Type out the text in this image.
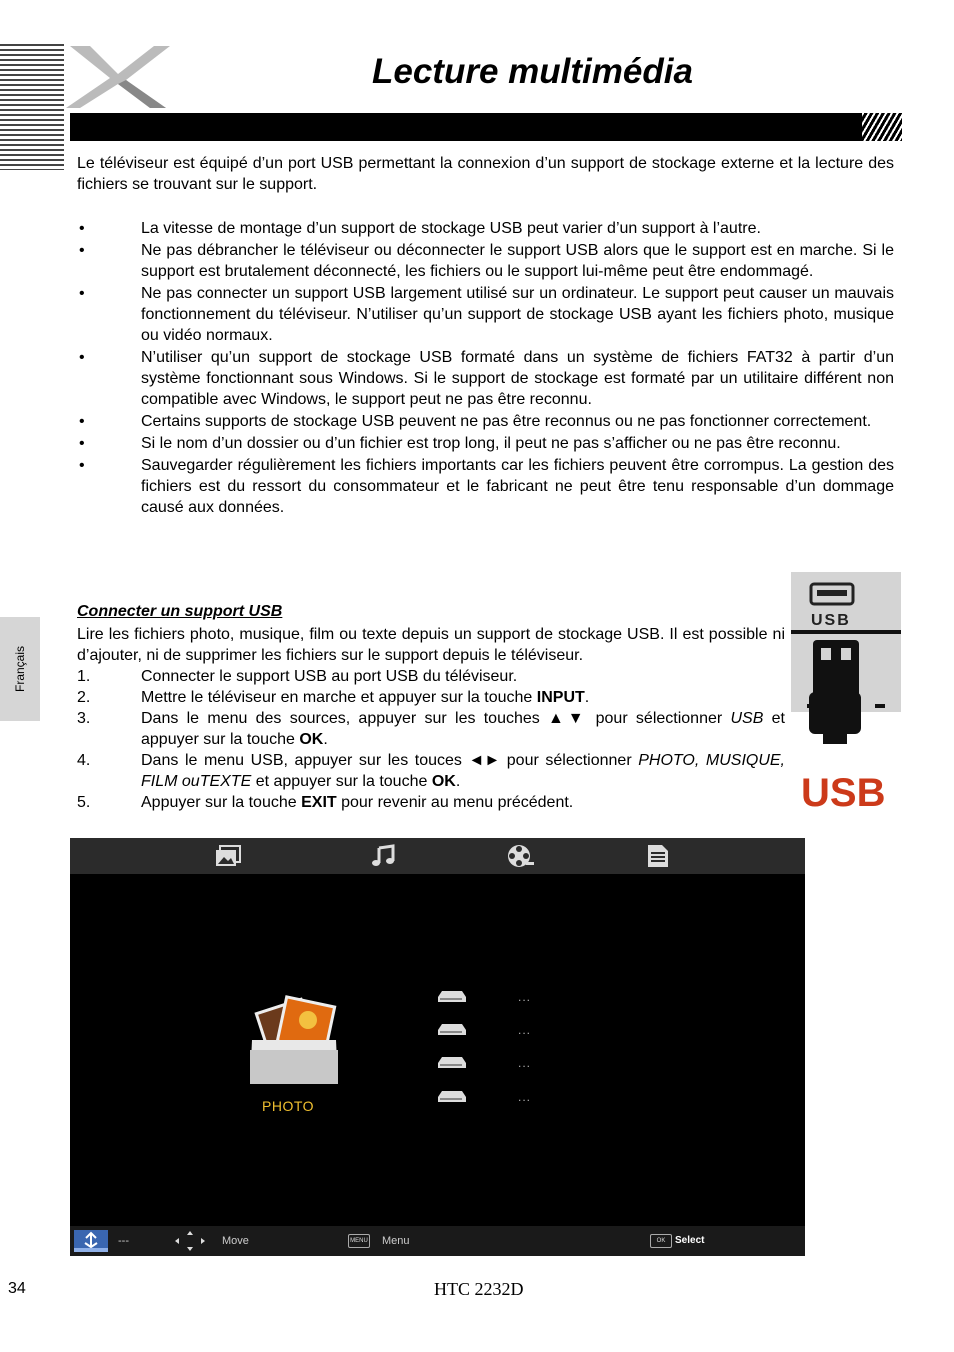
Lecture multimédia
Français

Le téléviseur est équipé d’un port USB permettant la connexion d’un support de stockage externe et la lecture des fichiers se trouvant sur le support.

• La vitesse de montage d’un support de stockage USB peut varier d’un support à l’autre.
• Ne pas débrancher le téléviseur ou déconnecter le support USB alors que le support est en marche. Si le support est brutalement déconnecté, les fichiers ou le support lui-même peut être endommagé.
• Ne pas connecter un support USB largement utilisé sur un ordinateur. Le support peut causer un mauvais fonctionnement du téléviseur. N’utiliser qu’un support de stockage USB ayant les fichiers photo, musique ou vidéo normaux.
• N’utiliser qu’un support de stockage USB formaté dans un système de fichiers FAT32 à partir d’un système fonctionnant sous Windows. Si le support de stockage est formaté par un utilitaire différent non compatible avec Windows, le support peut ne pas être reconnu.
• Certains supports de stockage USB peuvent ne pas être reconnus ou ne pas fonctionner correctement.
• Si le nom d’un dossier ou d’un fichier est trop long, il peut ne pas s’afficher ou ne pas être reconnu.
• Sauvegarder régulièrement les fichiers importants car les fichiers peuvent être corrompus. La gestion des fichiers est du ressort du consommateur et le fabricant ne peut être tenu responsable d’un dommage causé aux données.
Connecter un support USB

Lire les fichiers photo, musique, film ou texte depuis un support de stockage USB. Il est possible ni d’ajouter, ni de supprimer les fichiers sur le support depuis le téléviseur.

1.	Connecter le support USB au port USB du téléviseur.
2.	Mettre le téléviseur en marche et appuyer sur la touche INPUT.
3.	Dans le menu des sources, appuyer sur les touches ▲▼ pour sélectionner USB et appuyer sur la touche OK.
4.	Dans le menu USB, appuyer sur les touces ◄► pour sélectionner PHOTO, MUSIQUE, FILM ouTEXTE et appuyer sur la touche OK.
5.	Appuyer sur la touche EXIT pour revenir au menu précédent.
USB
USB
PHOTO
...
...
...
...
---	Move	MENU Menu	OK Select

34	HTC 2232D
